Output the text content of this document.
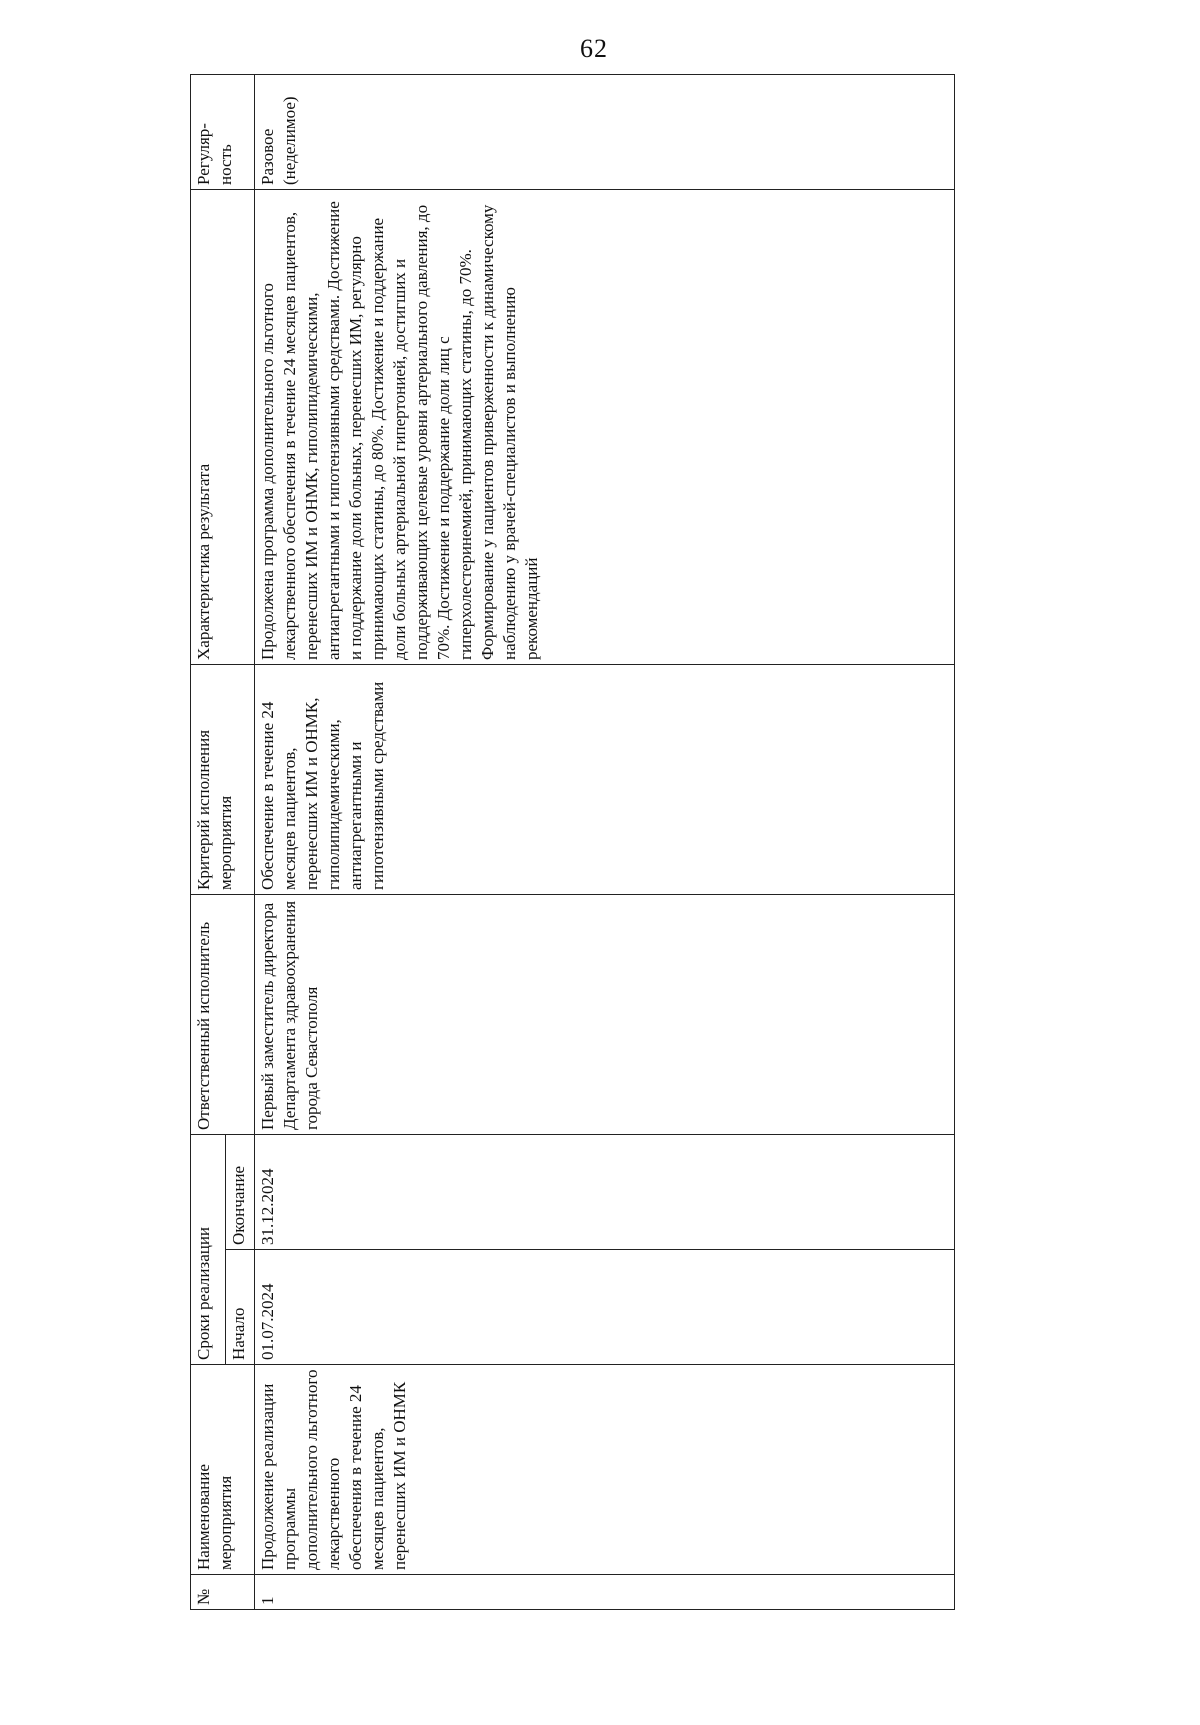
62
№	Наименование мероприятия	Сроки реализации		Ответственный исполнитель	Критерий исполнения мероприятия	Характеристика результата	Регуляр-
ность

		Начало	Окончание				
1	Продолжение реализации программы дополнительного льготного лекарственного обеспечения в течение 24 месяцев пациентов, перенесших ИМ и ОНМК	01.07.2024	31.12.2024	Первый заместитель директора Департамента здравоохранения города Севастополя	Обеспечение в течение 24 месяцев пациентов, перенесших ИМ и ОНМК, гиполипидемическими, антиагрегантными и гипотензивными средствами	Продолжена программа дополнительного льготного лекарственного обеспечения в течение 24 месяцев пациентов, перенесших ИМ и ОНМК, гиполипидемическими, антиагрегантными и гипотензивными средствами. Достижение и поддержание доли больных, перенесших ИМ, регулярно принимающих статины, до 80%. Достижение и поддержание доли больных артериальной гипертонией, достигших и поддерживающих целевые уровни артериального давления, до 70%. Достижение и поддержание доли лиц с гиперхолестеринемией, принимающих статины, до 70%. Формирование у пациентов приверженности к динамическому наблюдению у врачей-специалистов и выполнению рекомендаций	Разовое (неделимое)
